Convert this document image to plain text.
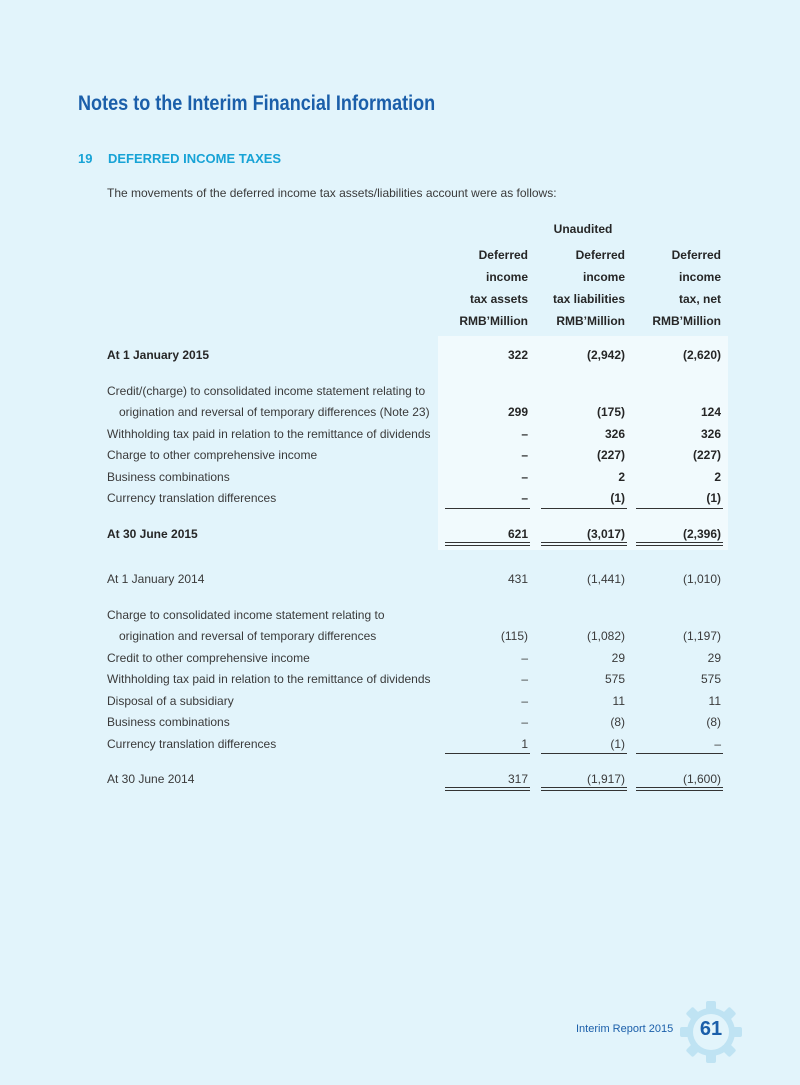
Notes to the Interim Financial Information
19 DEFERRED INCOME TAXES
The movements of the deferred income tax assets/liabilities account were as follows:
Unaudited
Deferred	Deferred	Deferred
income	income	income
tax assets	tax liabilities	tax, net
RMB’Million	RMB’Million	RMB’Million
At 1 January 2015	322	(2,942)	(2,620)
Credit/(charge) to consolidated income statement relating to
origination and reversal of temporary differences (Note 23)	299	(175)	124
Withholding tax paid in relation to the remittance of dividends	–	326	326
Charge to other comprehensive income	–	(227)	(227)
Business combinations	–	2	2
Currency translation differences	–	(1)	(1)
At 30 June 2015	621	(3,017)	(2,396)
At 1 January 2014	431	(1,441)	(1,010)
Charge to consolidated income statement relating to
origination and reversal of temporary differences	(115)	(1,082)	(1,197)
Credit to other comprehensive income	–	29	29
Withholding tax paid in relation to the remittance of dividends	–	575	575
Disposal of a subsidiary	–	11	11
Business combinations	–	(8)	(8)
Currency translation differences	1	(1)	–
At 30 June 2014	317	(1,917)	(1,600)
Interim Report 2015	61
